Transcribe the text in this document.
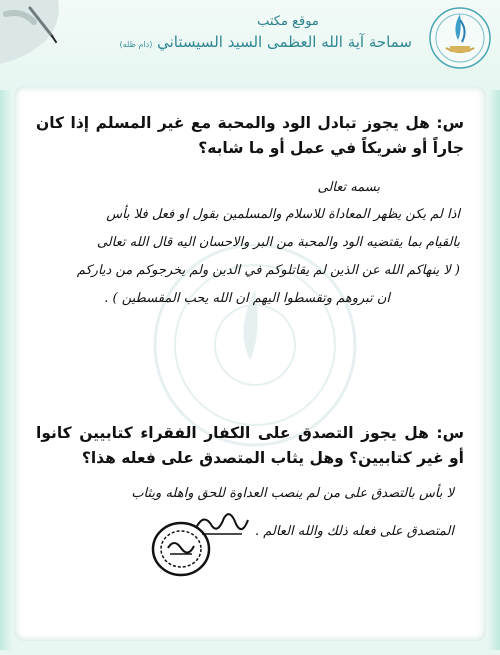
موقع مكتب
سماحة آية الله العظمى السيد السيستاني (دام ظله)
س: هل يجوز تبادل الود والمحبة مع غير المسلم إذا كان جاراً أو شريكاً في عمل أو ما شابه؟
بسمه تعالى
اذا لم يكن يظهر المعاداة للاسلام والمسلمين بقول او فعل فلا بأس
بالقيام بما يقتضيه الود والمحبة من البر والاحسان اليه قال الله تعالى
( لا ينهاكم الله عن الذين لم يقاتلوكم في الدين ولم يخرجوكم من دياركم
ان تبروهم وتقسطوا اليهم ان الله يحب المقسطين ) .
س: هل يجوز التصدق على الكفار الفقراء كتابيين كانوا أو غير كتابيين؟ وهل يثاب المتصدق على فعله هذا؟
لا بأس بالتصدق على من لم ينصب العداوة للحق واهله ويثاب
المتصدق على فعله ذلك والله العالم .
